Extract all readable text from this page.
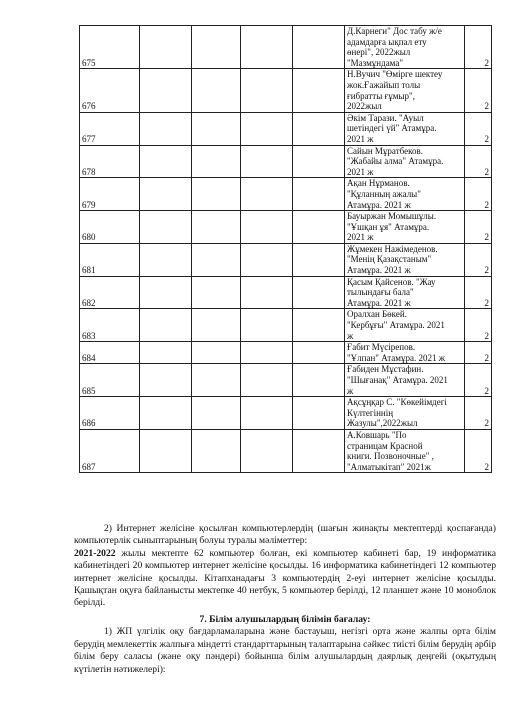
675					Д.Карнеги" Дос табу ж/е
адамдарға ықпал ету
өнері", 2022жыл
"Мазмұндама"	2
676					Н.Вучич "Өмірге шектеу
жок.Ғажайып толы
ғибратты ғұмыр",
2022жыл	2
677					Әкім Тарази. "Ауыл
шетіндегі үй" Атамұра.
2021 ж	2
678					Сайын Мұратбеков.
"Жабайы алма" Атамұра.
2021 ж	2
679					Ақан Нұрманов.
"Құланның ажалы"
Атамұра. 2021 ж	2
680					Бауыржан Момышұлы.
"Ұшқан ұя" Атамұра.
2021 ж	2
681					Жұмекен Нажімеденов.
"Менің Қазақстаным"
Атамұра. 2021 ж	2
682					Қасым Қайсенов. "Жау
тылындағы бала"
Атамұра. 2021 ж	2
683					Оралхан Бөкей.
"Кербұғы" Атамұра. 2021
ж	2
684					Ғабит Мүсірепов.
"Ұлпан" Атамұра. 2021 ж	2
685					Ғабиден Мұстафин.
"Шығанақ" Атамұра. 2021
ж	2
686					Ақсұңқар С. "Көкейімдегі
Күлтегіннің
Жазулы",2022жыл	2
687					А.Ковшарь "По
страницам Красной
книги. Позвоночные" ,
"Алматыкітап" 2021ж	2

2) Интернет желісіне қосылған компьютерлердің (шағын жинақты мектептерді қоспағанда) компьютерлік сыныптарының болуы туралы мәліметтер:

2021-2022 жылы мектепте 62 компьютер болған, екі компьютер кабинеті бар, 19 информатика кабинетіндегі 20 компьютер интернет желісіне қосылды. 16 информатика кабинетіндегі 12 компьютер интернет желісіне қосылды. Кітапханадағы 3 компьютердің 2-еуі интернет желісіне қосылды. Қашықтан оқуға байланысты мектепке 40 нетбук, 5 компьютер берілді, 12 планшет және 10 моноблок берілді.

7. Білім алушылардың білімін бағалау:

1) ЖП үлгілік оқу бағдарламаларына және бастауыш, негізгі орта және жалпы орта білім берудің мемлекеттік жалпыға міндетті стандарттарының талаптарына сәйкес тиісті білім берудің әрбір білім беру саласы (және оқу пәндері) бойынша білім алушылардың даярлық деңгейі (оқытудың күтілетін нәтижелері):
